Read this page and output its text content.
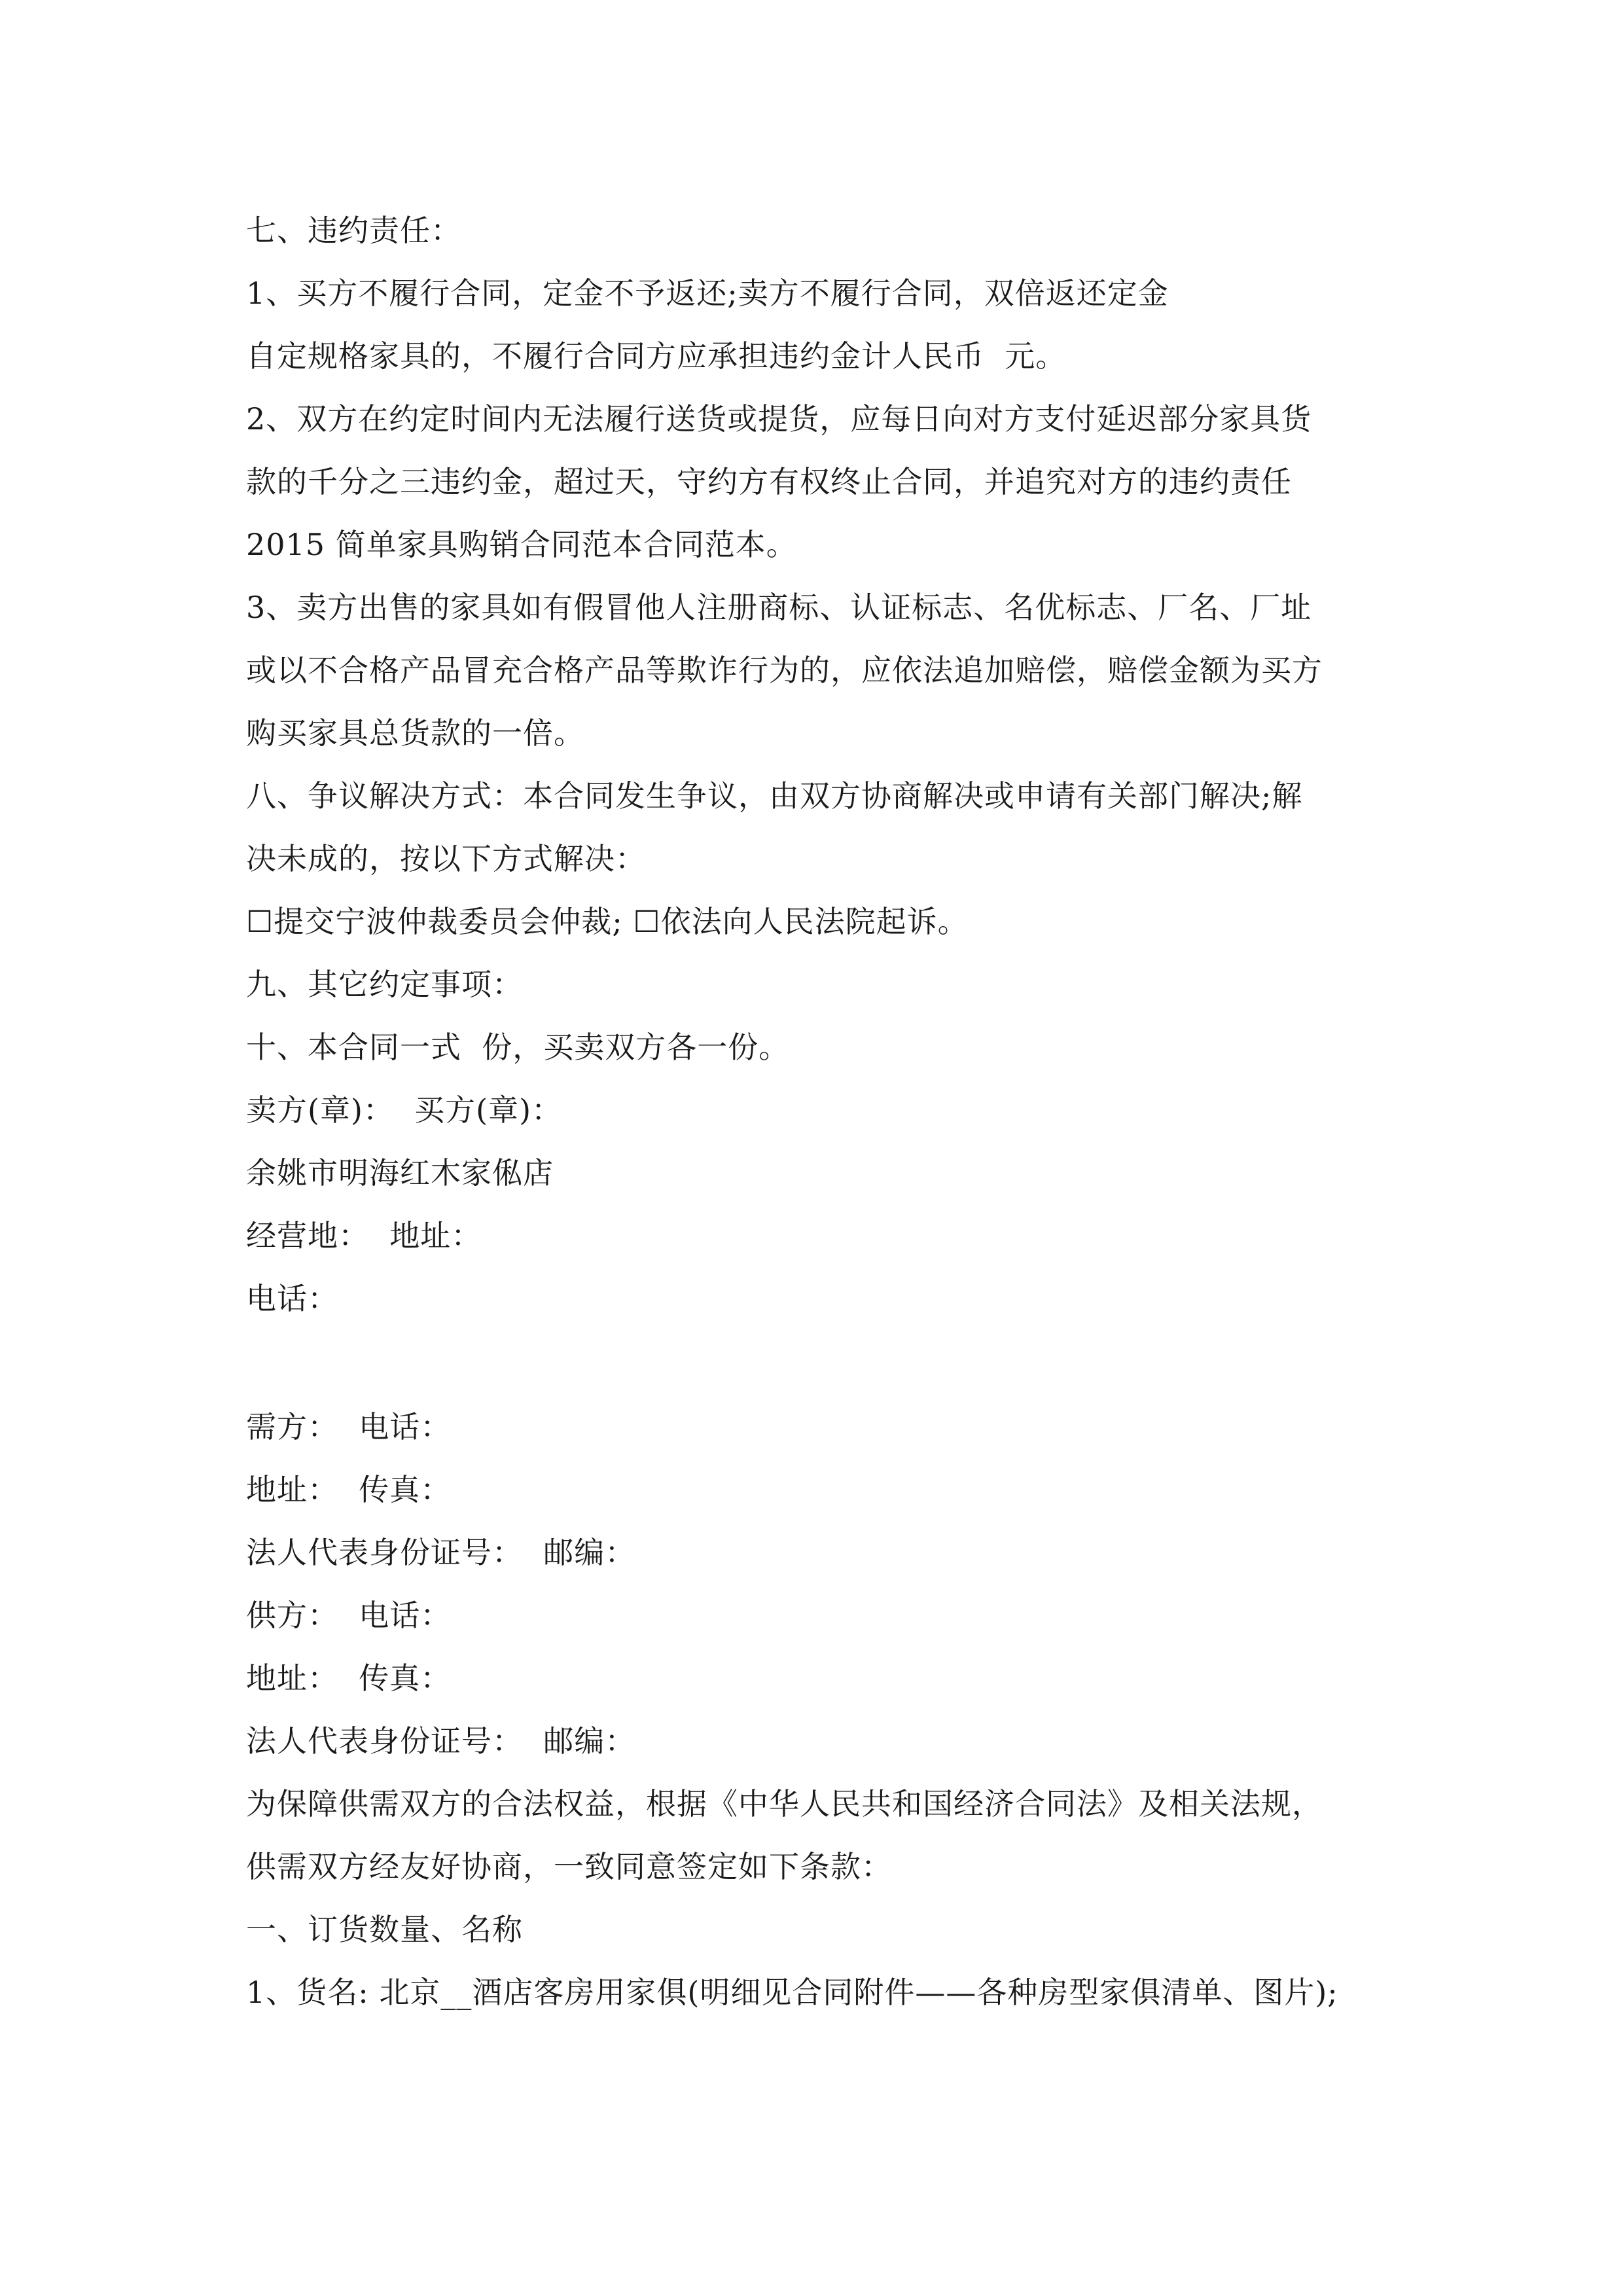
七、违约责任：
1、买方不履行合同，定金不予返还;卖方不履行合同，双倍返还定金
自定规格家具的，不履行合同方应承担违约金计人民币  元。
2、双方在约定时间内无法履行送货或提货，应每日向对方支付延迟部分家具货
款的千分之三违约金，超过天，守约方有权终止合同，并追究对方的违约责任
2015 简单家具购销合同范本合同范本。
3、卖方出售的家具如有假冒他人注册商标、认证标志、名优标志、厂名、厂址
或以不合格产品冒充合格产品等欺诈行为的，应依法追加赔偿，赔偿金额为买方
购买家具总货款的一倍。
八、争议解决方式：本合同发生争议，由双方协商解决或申请有关部门解决;解
决未成的，按以下方式解决：
☐提交宁波仲裁委员会仲裁; ☐依法向人民法院起诉。
九、其它约定事项：
十、本合同一式  份，买卖双方各一份。
卖方(章)：  买方(章)：
余姚市明海红木家俬店
经营地：  地址：
电话：
需方：  电话：
地址：  传真：
法人代表身份证号：  邮编：
供方：  电话：
地址：  传真：
法人代表身份证号：  邮编：
为保障供需双方的合法权益，根据《中华人民共和国经济合同法》及相关法规，
供需双方经友好协商，一致同意签定如下条款：
一、订货数量、名称
1、货名: 北京__酒店客房用家俱(明细见合同附件——各种房型家俱清单、图片);
